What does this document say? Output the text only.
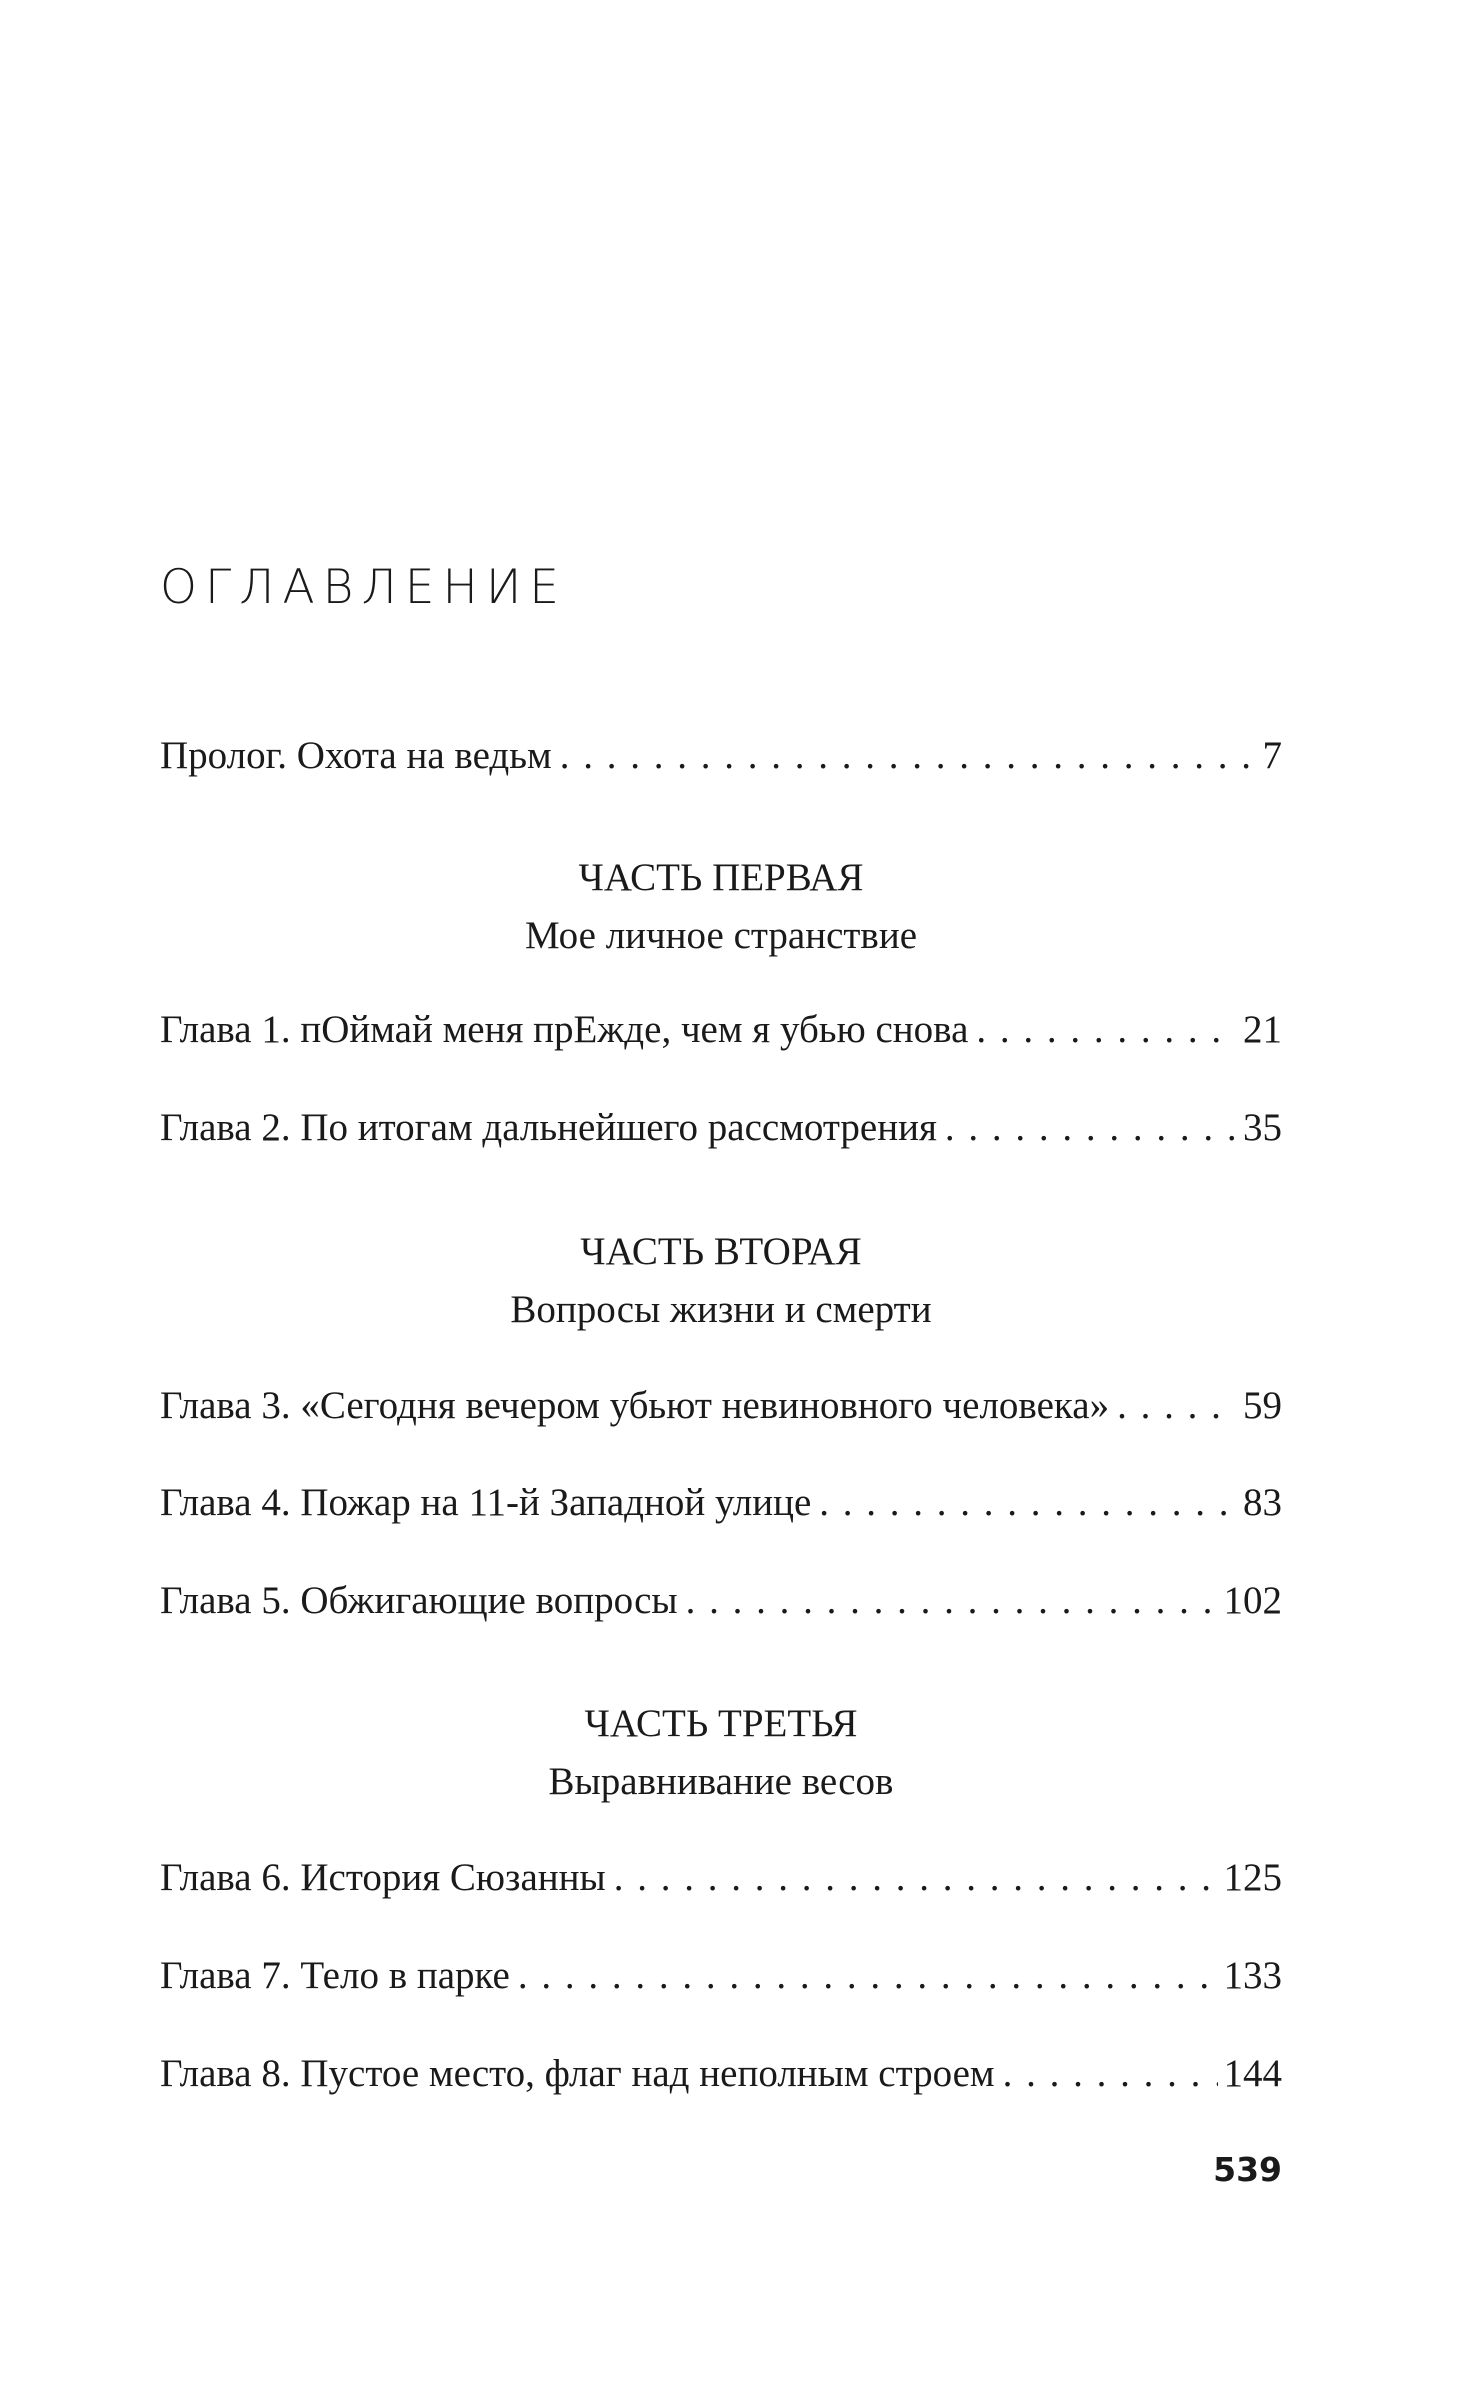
ОГЛАВЛЕНИЕ
Пролог. Охота на ведьм . . .	7
ЧАСТЬ ПЕРВАЯ
Мое личное странствие
Глава 1. пОймай меня прЕжде, чем я убью снова . . .	21
Глава 2. По итогам дальнейшего рассмотрения . . .	35
ЧАСТЬ ВТОРАЯ
Вопросы жизни и смерти
Глава 3. «Сегодня вечером убьют невиновного человека» . . .	59
Глава 4. Пожар на 11-й Западной улице . . .	83
Глава 5. Обжигающие вопросы . . .	102
ЧАСТЬ ТРЕТЬЯ
Выравнивание весов
Глава 6. История Сюзанны . . .	125
Глава 7. Тело в парке . . .	133
Глава 8. Пустое место, флаг над неполным строем . . .	144
539
